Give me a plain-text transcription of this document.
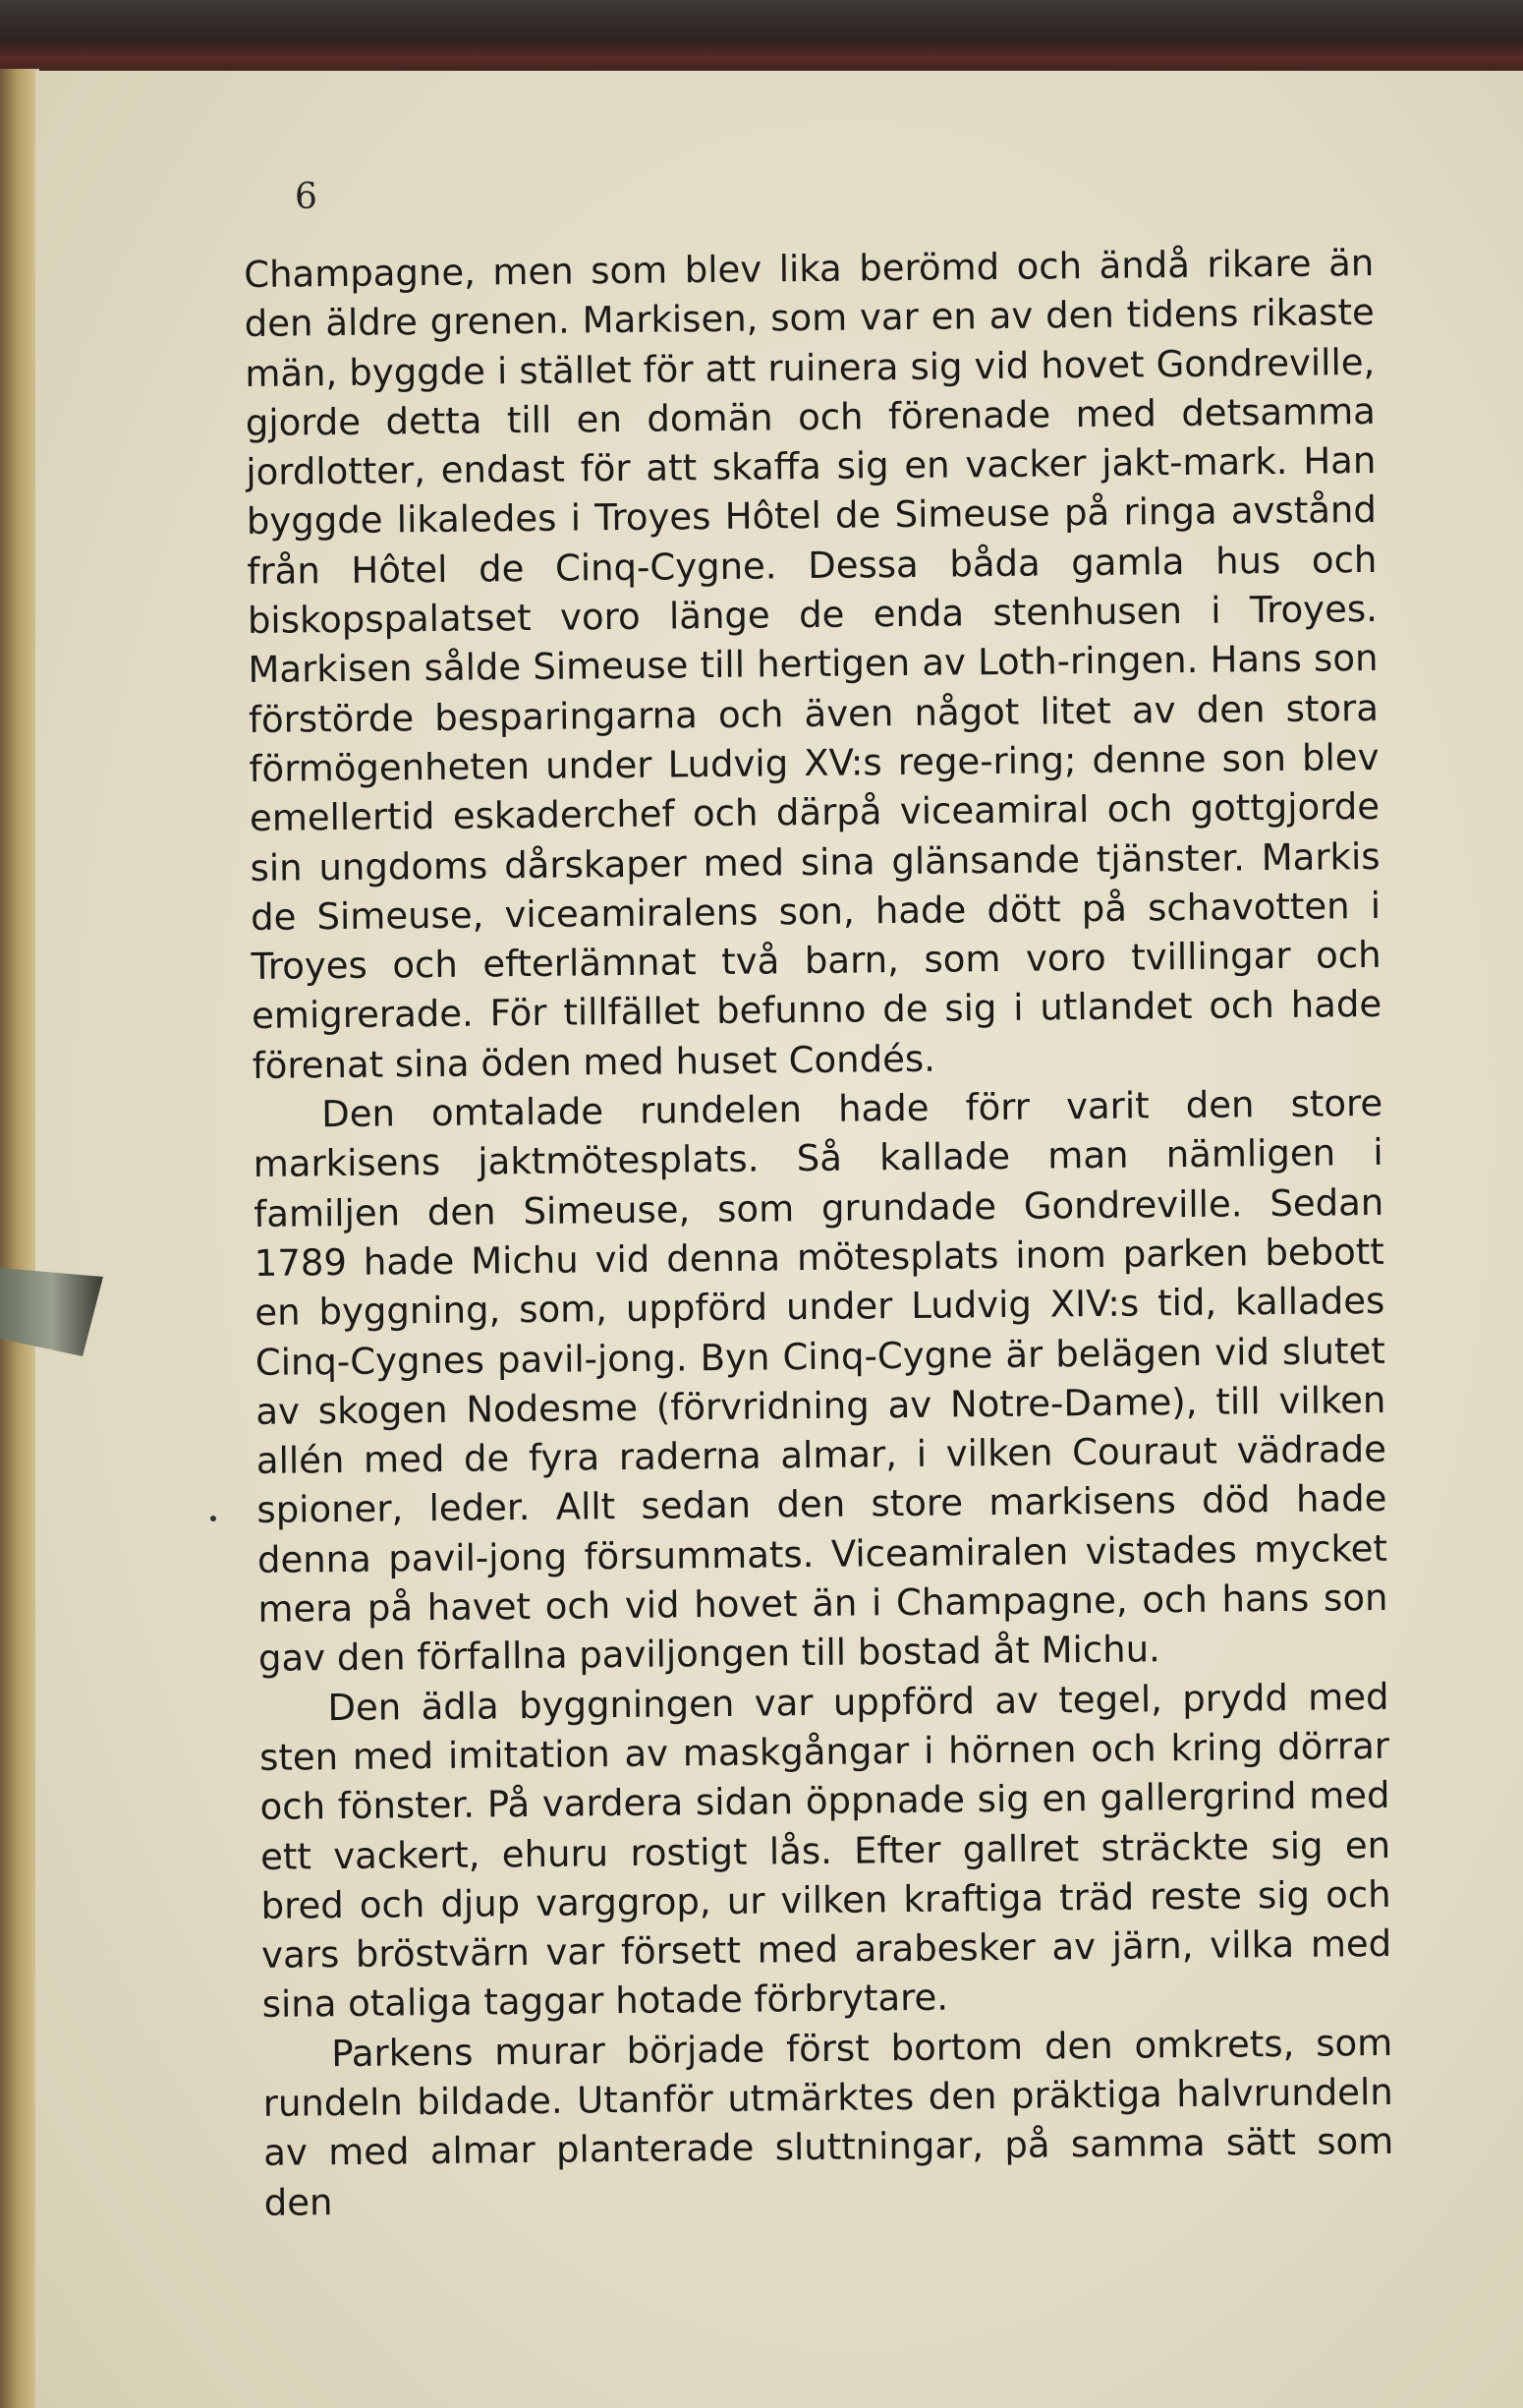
6

Champagne, men som blev lika berömd och ändå rikare än den äldre grenen. Markisen, som var en av den tidens rikaste män, byggde i stället för att ruinera sig vid hovet Gondreville, gjorde detta till en domän och förenade med detsamma jordlotter, endast för att skaffa sig en vacker jakt-mark. Han byggde likaledes i Troyes Hôtel de Simeuse på ringa avstånd från Hôtel de Cinq-Cygne. Dessa båda gamla hus och biskopspalatset voro länge de enda stenhusen i Troyes. Markisen sålde Simeuse till hertigen av Loth-ringen. Hans son förstörde besparingarna och även något litet av den stora förmögenheten under Ludvig XV:s rege-ring; denne son blev emellertid eskaderchef och därpå viceamiral och gottgjorde sin ungdoms dårskaper med sina glänsande tjänster. Markis de Simeuse, viceamiralens son, hade dött på schavotten i Troyes och efterlämnat två barn, som voro tvillingar och emigrerade. För tillfället befunno de sig i utlandet och hade förenat sina öden med huset Condés.

Den omtalade rundelen hade förr varit den store markisens jaktmötesplats. Så kallade man nämligen i familjen den Simeuse, som grundade Gondreville. Sedan 1789 hade Michu vid denna mötesplats inom parken bebott en byggning, som, uppförd under Ludvig XIV:s tid, kallades Cinq-Cygnes pavil-jong. Byn Cinq-Cygne är belägen vid slutet av skogen Nodesme (förvridning av Notre-Dame), till vilken allén med de fyra raderna almar, i vilken Couraut vädrade spioner, leder. Allt sedan den store markisens död hade denna pavil-jong försummats. Viceamiralen vistades mycket mera på havet och vid hovet än i Champagne, och hans son gav den förfallna paviljongen till bostad åt Michu.

Den ädla byggningen var uppförd av tegel, prydd med sten med imitation av maskgångar i hörnen och kring dörrar och fönster. På vardera sidan öppnade sig en gallergrind med ett vackert, ehuru rostigt lås. Efter gallret sträckte sig en bred och djup varggrop, ur vilken kraftiga träd reste sig och vars bröstvärn var försett med arabesker av järn, vilka med sina otaliga taggar hotade förbrytare.

Parkens murar började först bortom den omkrets, som rundeln bildade. Utanför utmärktes den präktiga halvrundeln av med almar planterade sluttningar, på samma sätt som den
